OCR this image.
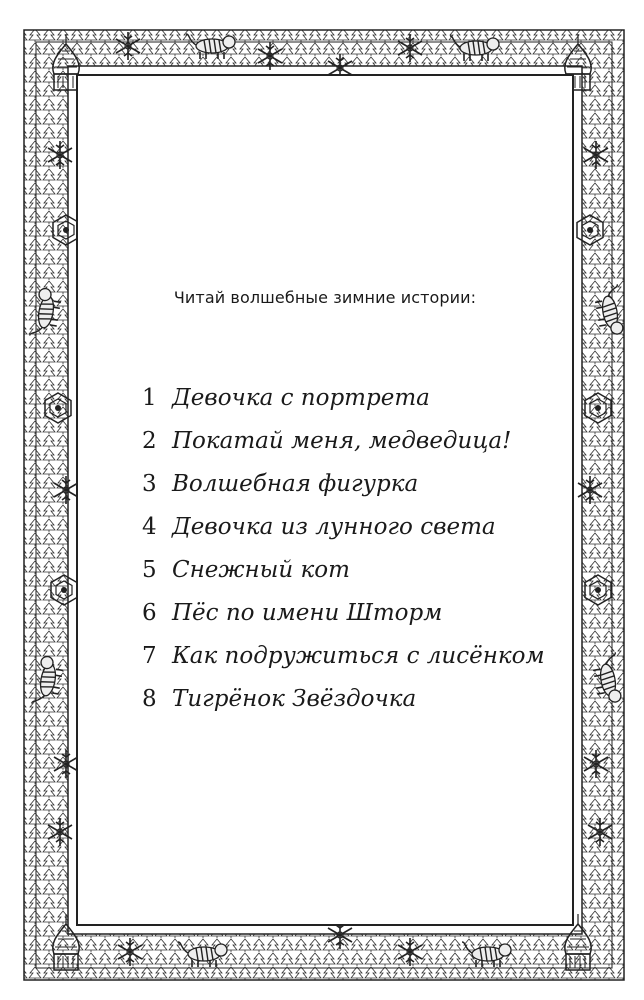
Читай волшебные зимние истории:
1 Девочка с портрета
2 Покатай меня, медведица!
3 Волшебная фигурка
4 Девочка из лунного света
5 Снежный кот
6 Пёс по имени Шторм
7 Как подружиться с лисёнком
8 Тигрёнок Звёздочка
